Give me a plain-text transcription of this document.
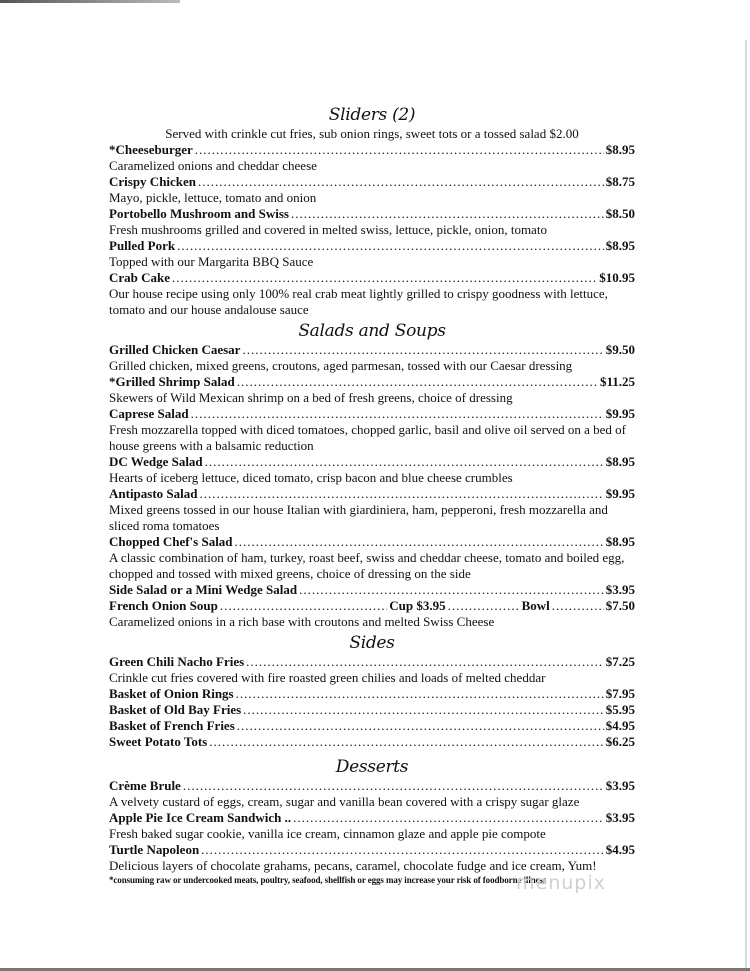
Sliders (2)
Served with crinkle cut fries, sub onion rings, sweet tots or a tossed salad $2.00
*Cheeseburger .....	$8.95
Caramelized onions and cheddar cheese
Crispy Chicken .....	$8.75
Mayo, pickle, lettuce, tomato and onion
Portobello Mushroom and Swiss .....	$8.50
Fresh mushrooms grilled and covered in melted swiss, lettuce, pickle, onion, tomato
Pulled Pork .....	$8.95
Topped with our Margarita BBQ Sauce
Crab Cake .....	$10.95
Our house recipe using only 100% real crab meat lightly grilled to crispy goodness with lettuce, tomato and our house andalouse sauce
Salads and Soups
Grilled Chicken Caesar .....	$9.50
Grilled chicken, mixed greens, croutons, aged parmesan, tossed with our Caesar dressing
*Grilled Shrimp Salad .....	$11.25
Skewers of Wild Mexican shrimp on a bed of fresh greens, choice of dressing
Caprese Salad .....	$9.95
Fresh mozzarella topped with diced tomatoes, chopped garlic, basil and olive oil served on a bed of house greens with a balsamic reduction
DC Wedge Salad .....	$8.95
Hearts of iceberg lettuce, diced tomato, crisp bacon and blue cheese crumbles
Antipasto Salad .....	$9.95
Mixed greens tossed in our house Italian with giardiniera, ham, pepperoni, fresh mozzarella and sliced roma tomatoes
Chopped Chef's Salad .....	$8.95
A classic combination of ham, turkey, roast beef, swiss and cheddar cheese, tomato and boiled egg, chopped and tossed with mixed greens, choice of dressing on the side
Side Salad or a Mini Wedge Salad .....	$3.95
French Onion Soup .....	Cup $3.95 .....	Bowl .....	$7.50
Caramelized onions in a rich base with croutons and melted Swiss Cheese
Sides
Green Chili Nacho Fries .....	$7.25
Crinkle cut fries covered with fire roasted green chilies and loads of melted cheddar
Basket of Onion Rings .....	$7.95
Basket of Old Bay Fries .....	$5.95
Basket of French Fries .....	$4.95
Sweet Potato Tots .....	$6.25
Desserts
Crème Brule .....	$3.95
A velvety custard of eggs, cream, sugar and vanilla bean covered with a crispy sugar glaze
Apple Pie Ice Cream Sandwich .. .....	$3.95
Fresh baked sugar cookie, vanilla ice cream, cinnamon glaze and apple pie compote
Turtle Napoleon .....	$4.95
Delicious layers of chocolate grahams, pecans, caramel, chocolate fudge and ice cream, Yum!
*consuming raw or undercooked meats, poultry, seafood, shellfish or eggs may increase your risk of foodborne illness
menupix
